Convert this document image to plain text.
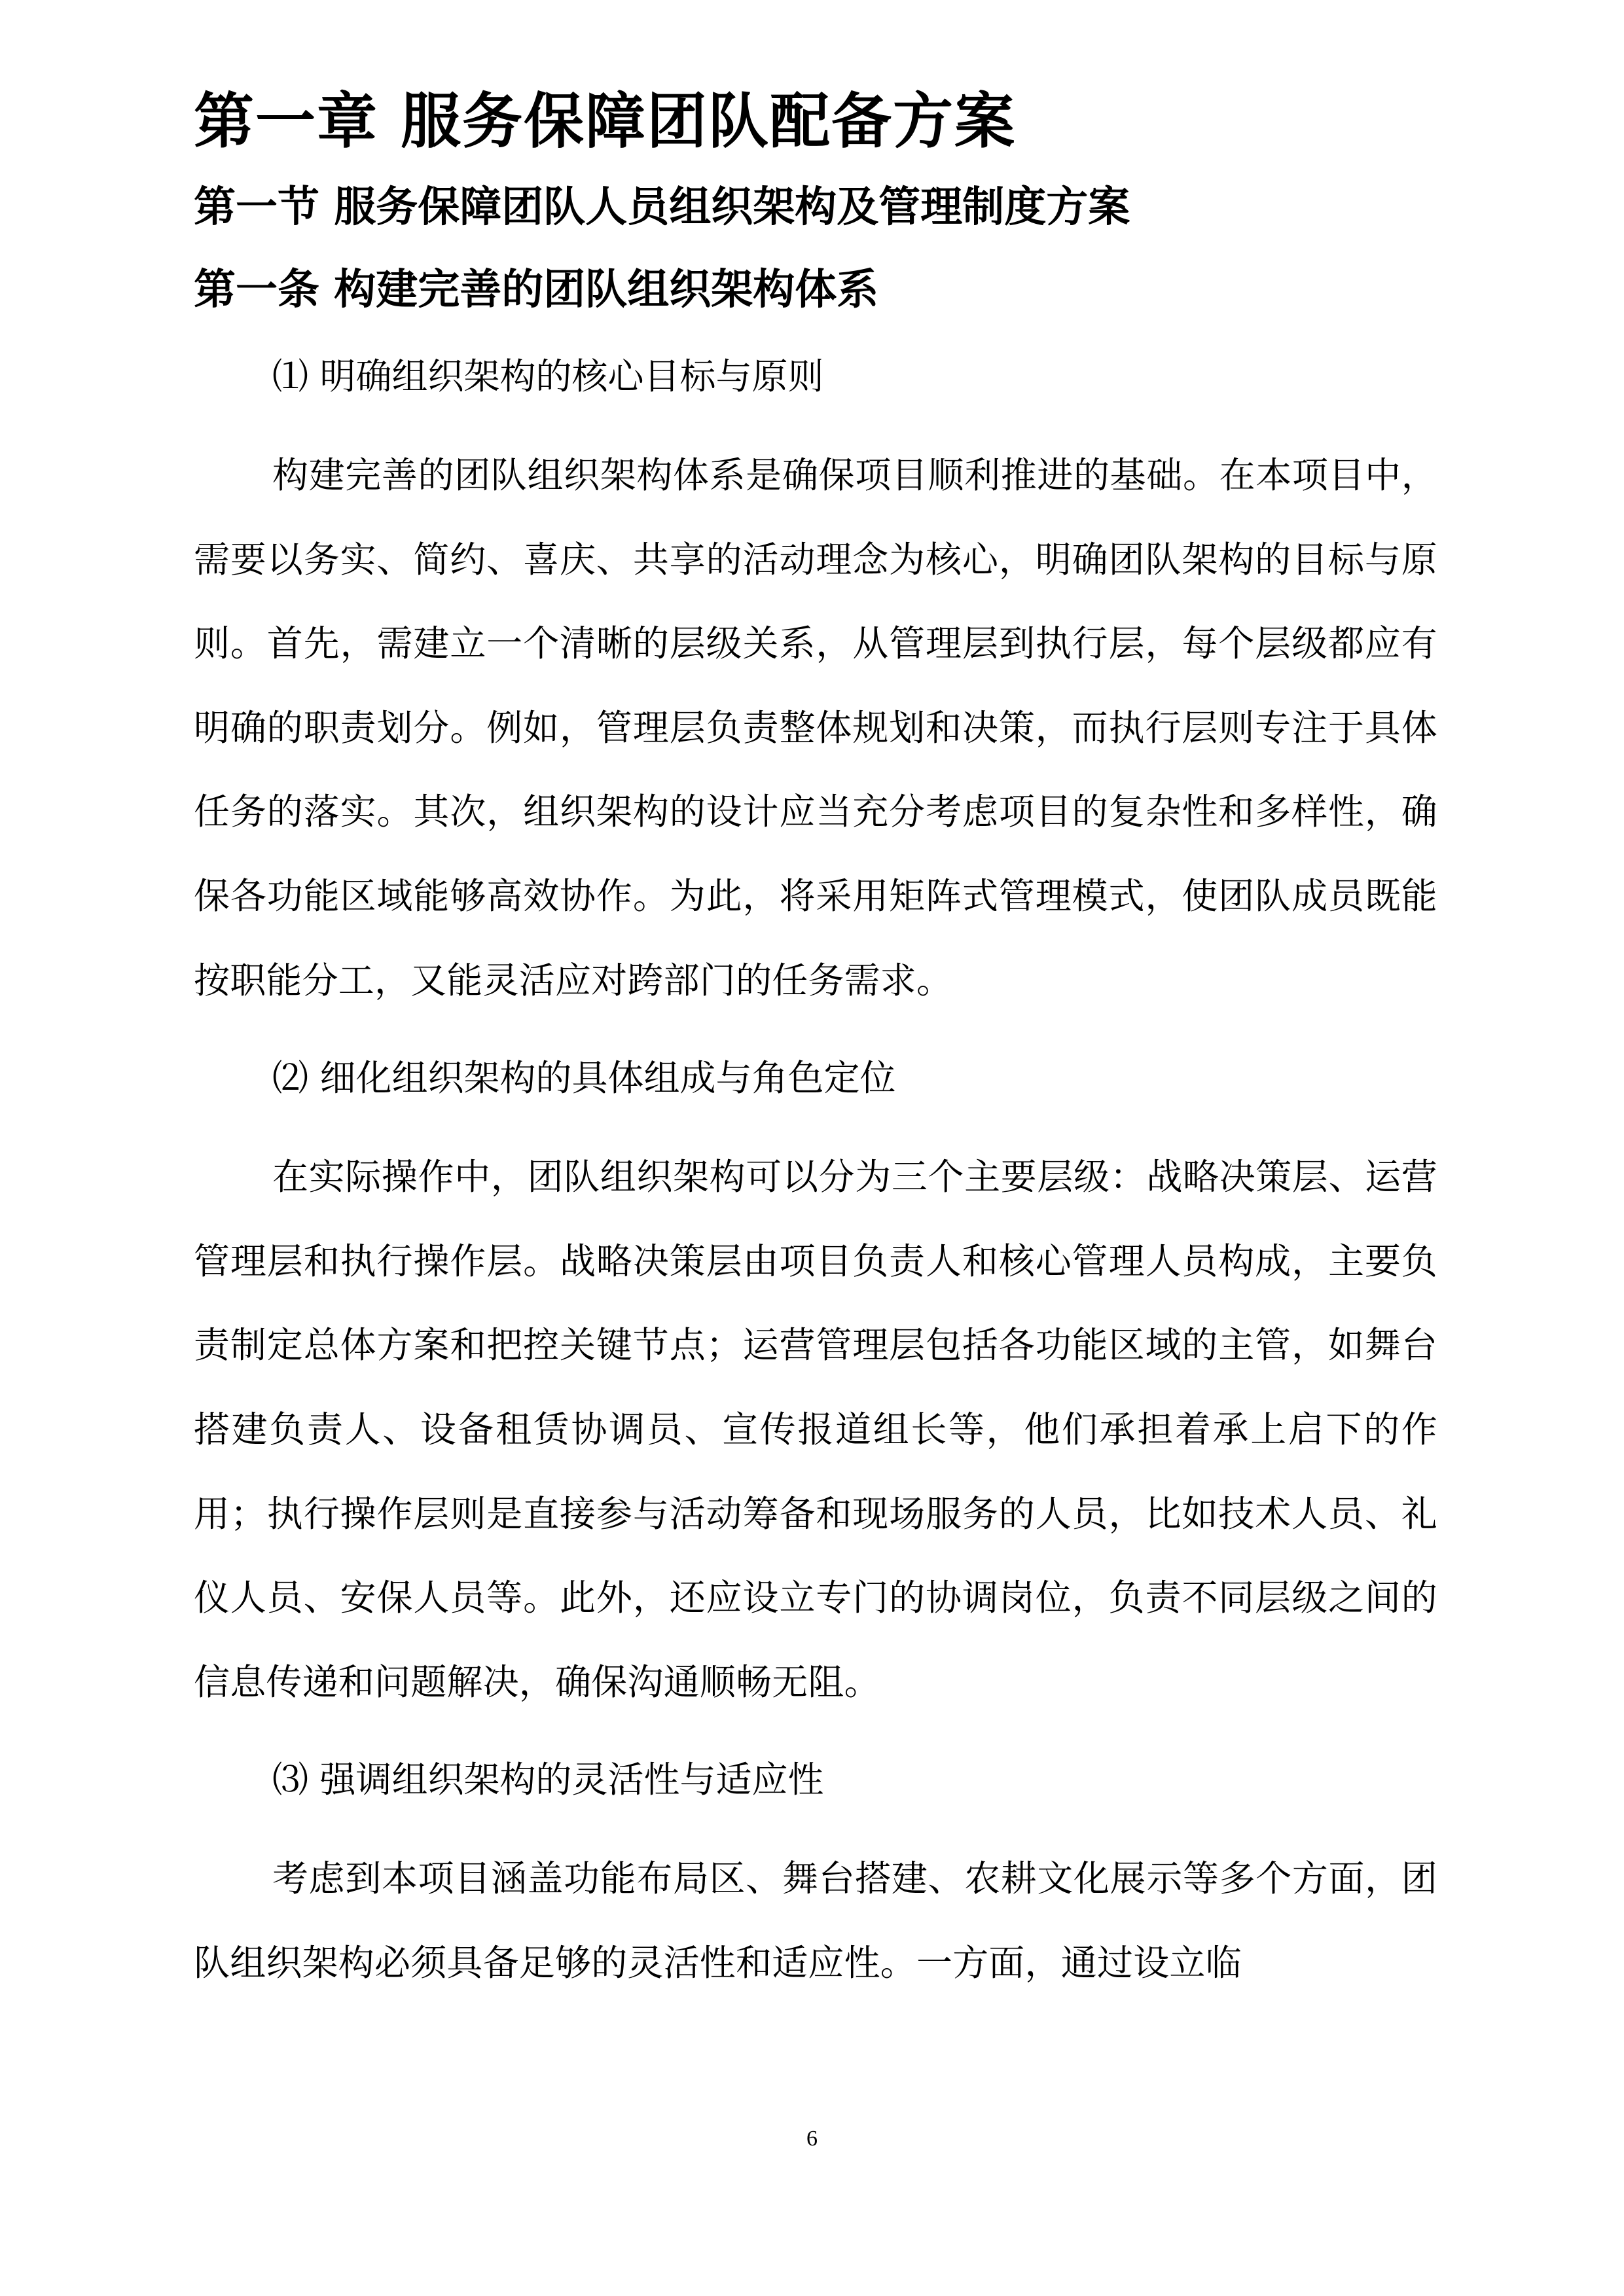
第一章 服务保障团队配备方案
第一节 服务保障团队人员组织架构及管理制度方案
第一条 构建完善的团队组织架构体系
⑴ 明确组织架构的核心目标与原则

构建完善的团队组织架构体系是确保项目顺利推进的基础。在本项目中，需要以务实、简约、喜庆、共享的活动理念为核心，明确团队架构的目标与原则。首先，需建立一个清晰的层级关系，从管理层到执行层，每个层级都应有明确的职责划分。例如，管理层负责整体规划和决策，而执行层则专注于具体任务的落实。其次，组织架构的设计应当充分考虑项目的复杂性和多样性，确保各功能区域能够高效协作。为此，将采用矩阵式管理模式，使团队成员既能按职能分工，又能灵活应对跨部门的任务需求。

⑵ 细化组织架构的具体组成与角色定位

在实际操作中，团队组织架构可以分为三个主要层级：战略决策层、运营管理层和执行操作层。战略决策层由项目负责人和核心管理人员构成，主要负责制定总体方案和把控关键节点；运营管理层包括各功能区域的主管，如舞台搭建负责人、设备租赁协调员、宣传报道组长等，他们承担着承上启下的作用；执行操作层则是直接参与活动筹备和现场服务的人员，比如技术人员、礼仪人员、安保人员等。此外，还应设立专门的协调岗位，负责不同层级之间的信息传递和问题解决，确保沟通顺畅无阻。

⑶ 强调组织架构的灵活性与适应性

考虑到本项目涵盖功能布局区、舞台搭建、农耕文化展示等多个方面，团队组织架构必须具备足够的灵活性和适应性。一方面，通过设立临

6
